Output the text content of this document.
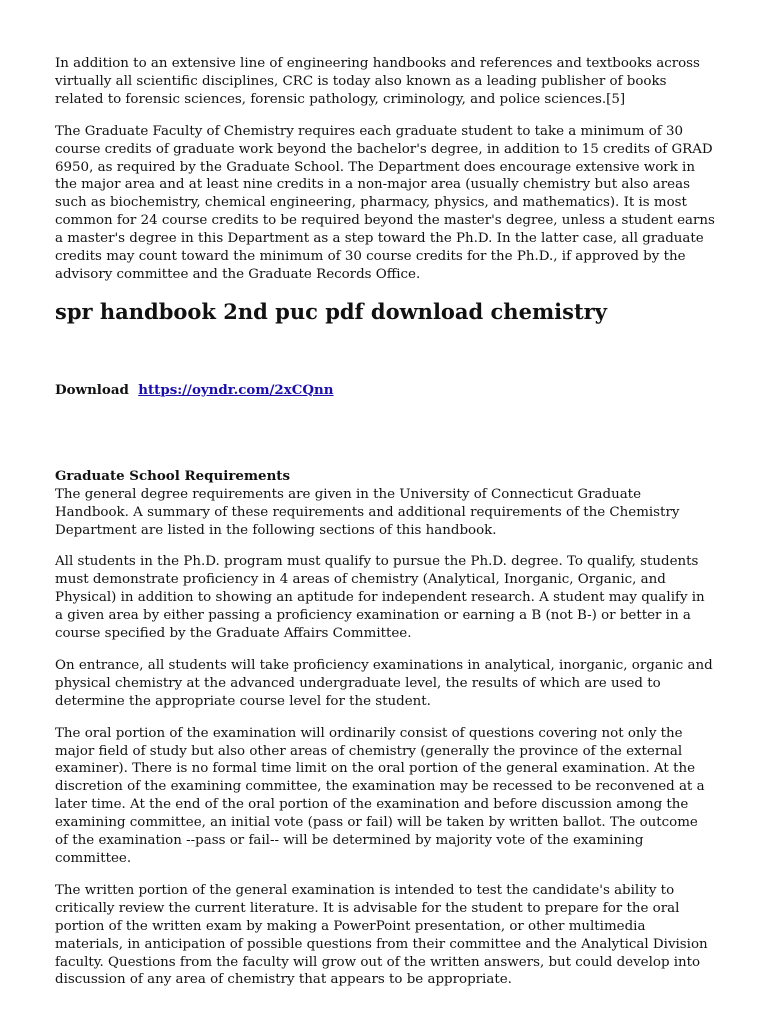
In addition to an extensive line of engineering handbooks and references and textbooks across virtually all scientific disciplines, CRC is today also known as a leading publisher of books related to forensic sciences, forensic pathology, criminology, and police sciences.[5]

The Graduate Faculty of Chemistry requires each graduate student to take a minimum of 30 course credits of graduate work beyond the bachelor's degree, in addition to 15 credits of GRAD 6950, as required by the Graduate School. The Department does encourage extensive work in the major area and at least nine credits in a non-major area (usually chemistry but also areas such as biochemistry, chemical engineering, pharmacy, physics, and mathematics). It is most common for 24 course credits to be required beyond the master's degree, unless a student earns a master's degree in this Department as a step toward the Ph.D. In the latter case, all graduate credits may count toward the minimum of 30 course credits for the Ph.D., if approved by the advisory committee and the Graduate Records Office.

spr handbook 2nd puc pdf download chemistry

Download https://oyndr.com/2xCQnn

Graduate School Requirements

The general degree requirements are given in the University of Connecticut Graduate Handbook. A summary of these requirements and additional requirements of the Chemistry Department are listed in the following sections of this handbook.

All students in the Ph.D. program must qualify to pursue the Ph.D. degree. To qualify, students must demonstrate proficiency in 4 areas of chemistry (Analytical, Inorganic, Organic, and Physical) in addition to showing an aptitude for independent research. A student may qualify in a given area by either passing a proficiency examination or earning a B (not B-) or better in a course specified by the Graduate Affairs Committee.

On entrance, all students will take proficiency examinations in analytical, inorganic, organic and physical chemistry at the advanced undergraduate level, the results of which are used to determine the appropriate course level for the student.

The oral portion of the examination will ordinarily consist of questions covering not only the major field of study but also other areas of chemistry (generally the province of the external examiner). There is no formal time limit on the oral portion of the general examination. At the discretion of the examining committee, the examination may be recessed to be reconvened at a later time. At the end of the oral portion of the examination and before discussion among the examining committee, an initial vote (pass or fail) will be taken by written ballot. The outcome of the examination --pass or fail-- will be determined by majority vote of the examining committee.

The written portion of the general examination is intended to test the candidate's ability to critically review the current literature. It is advisable for the student to prepare for the oral portion of the written exam by making a PowerPoint presentation, or other multimedia materials, in anticipation of possible questions from their committee and the Analytical Division faculty. Questions from the faculty will grow out of the written answers, but could develop into discussion of any area of chemistry that appears to be appropriate.
